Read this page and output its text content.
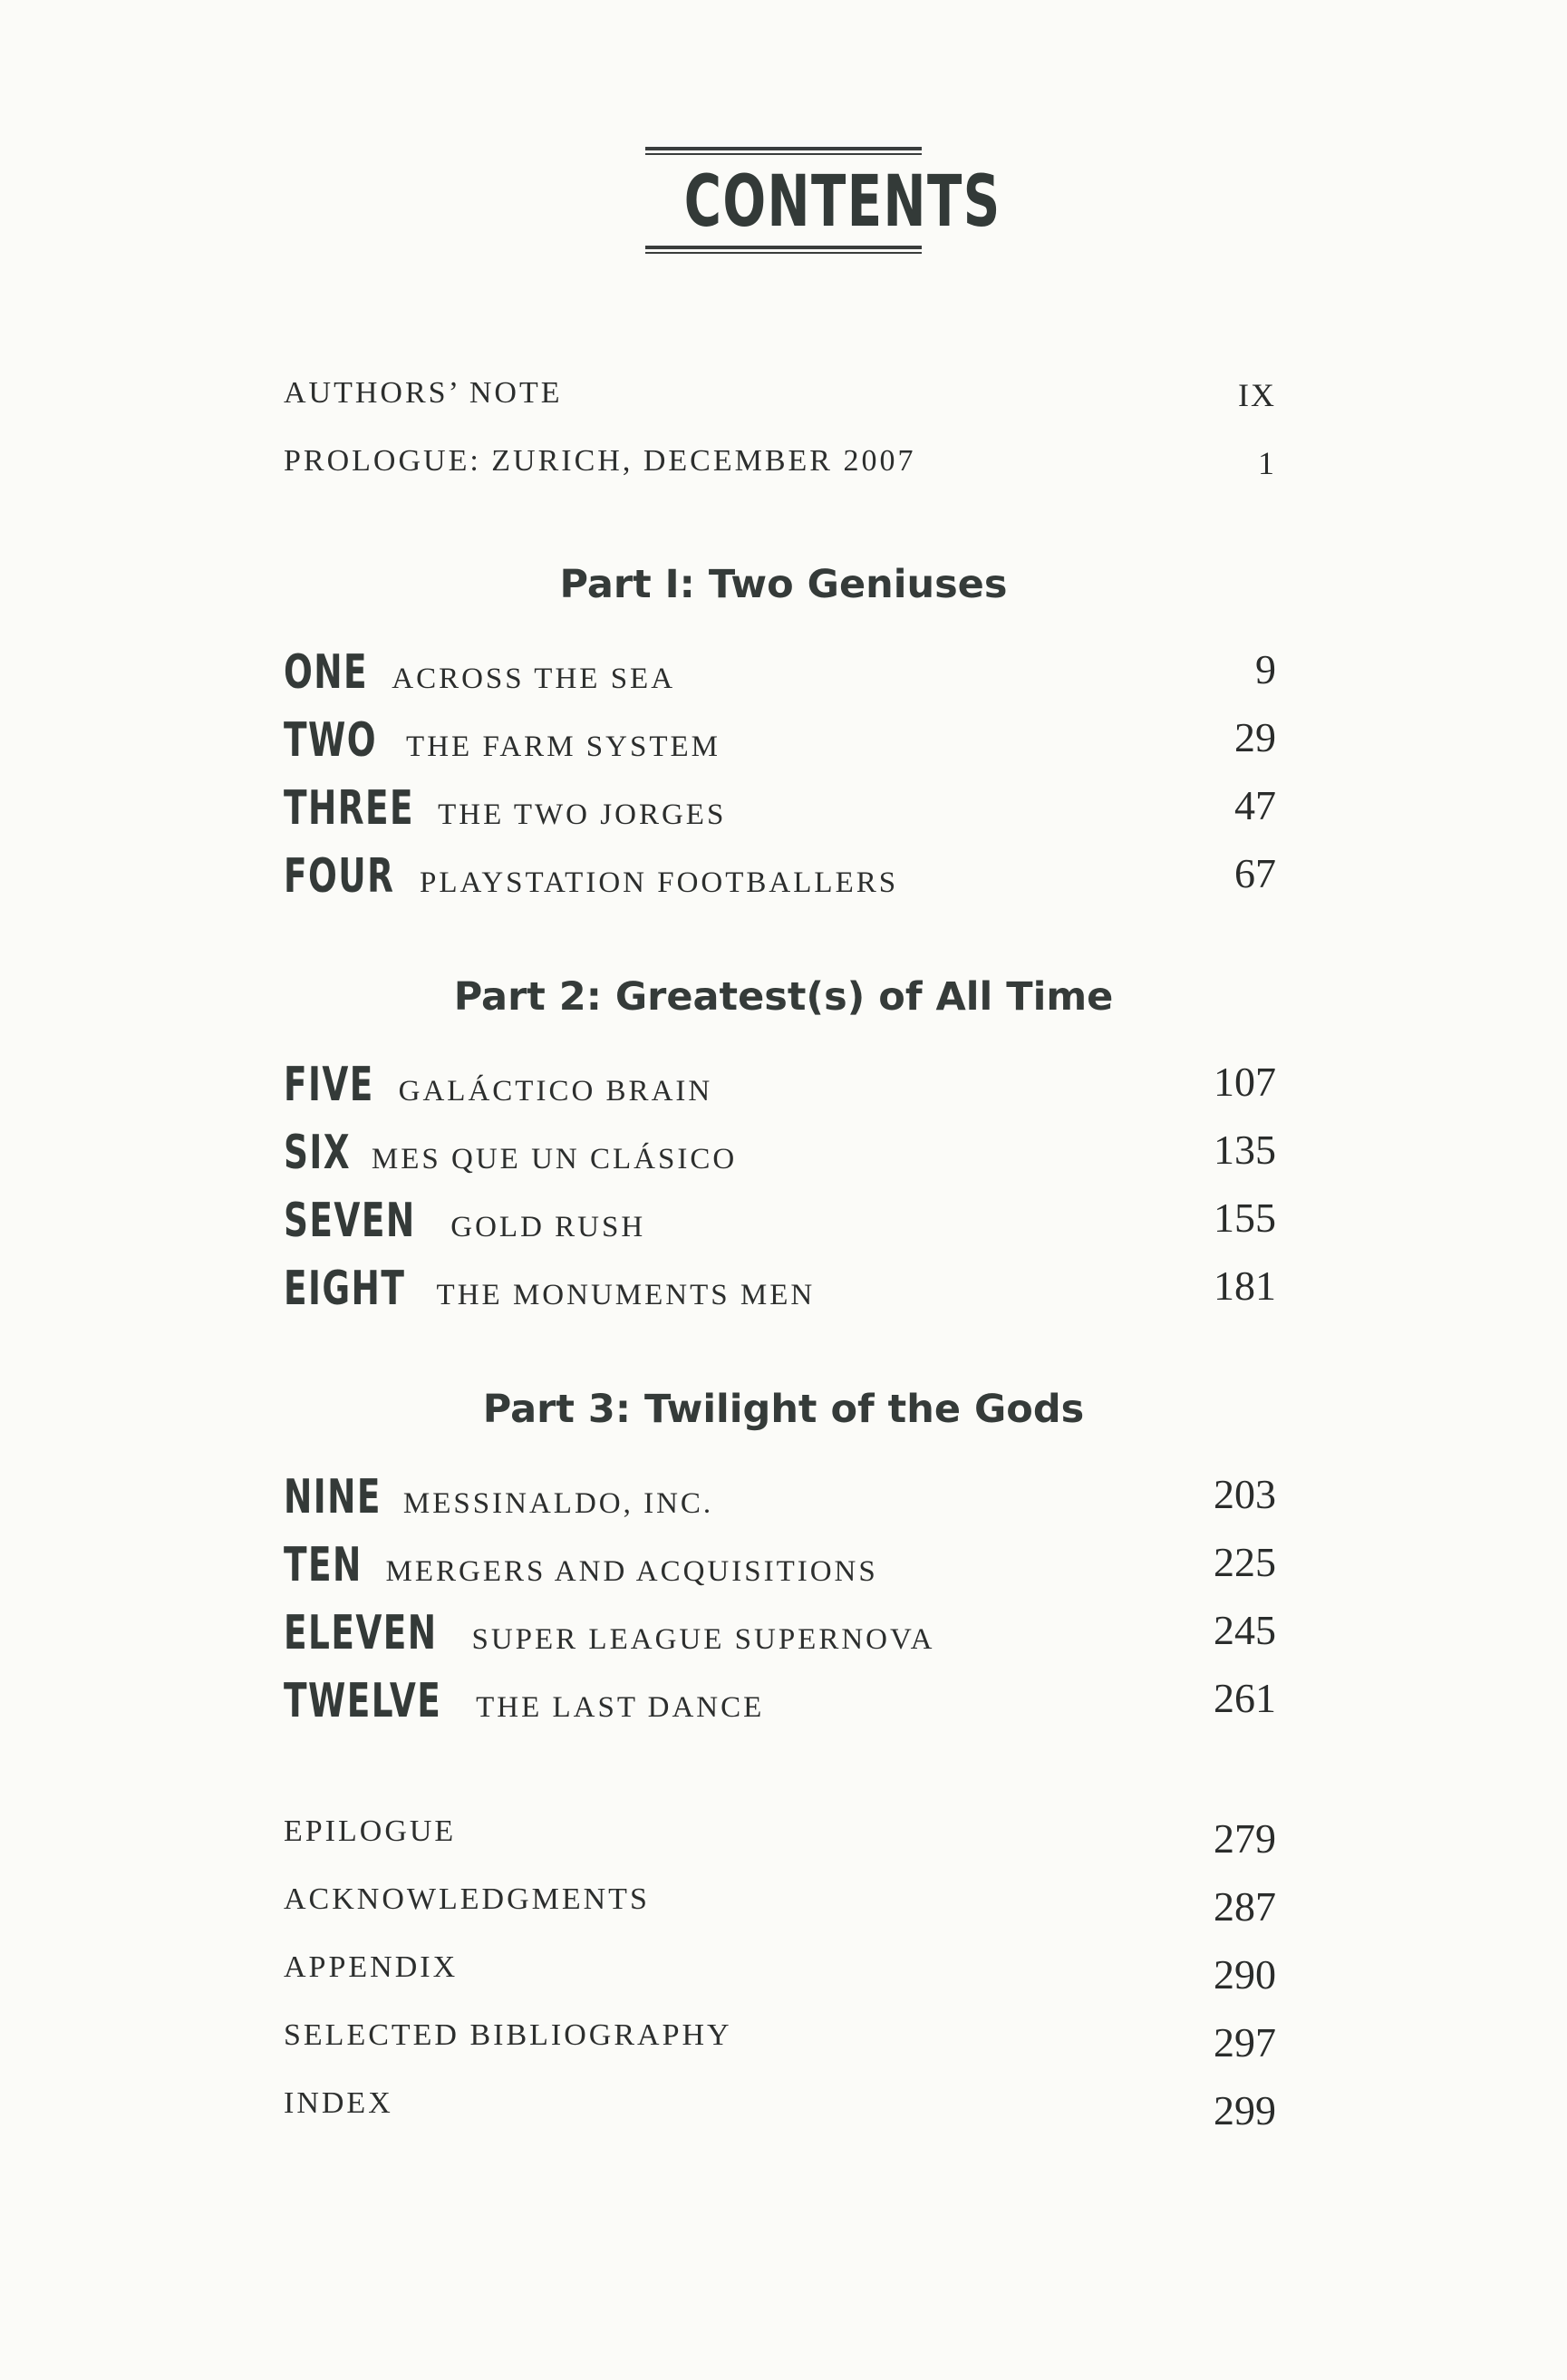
CONTENTS
AUTHORS’ NOTE	IX
PROLOGUE: ZURICH, DECEMBER 2007	1
Part I: Two Geniuses
ONE ACROSS THE SEA	9
TWO THE FARM SYSTEM	29
THREE THE TWO JORGES	47
FOUR PLAYSTATION FOOTBALLERS	67
Part 2: Greatest(s) of All Time
FIVE GALÁCTICO BRAIN	107
SIX MES QUE UN CLÁSICO	135
SEVEN GOLD RUSH	155
EIGHT THE MONUMENTS MEN	181
Part 3: Twilight of the Gods
NINE MESSINALDO, INC.	203
TEN MERGERS AND ACQUISITIONS	225
ELEVEN SUPER LEAGUE SUPERNOVA	245
TWELVE THE LAST DANCE	261
EPILOGUE	279
ACKNOWLEDGMENTS	287
APPENDIX	290
SELECTED BIBLIOGRAPHY	297
INDEX	299
